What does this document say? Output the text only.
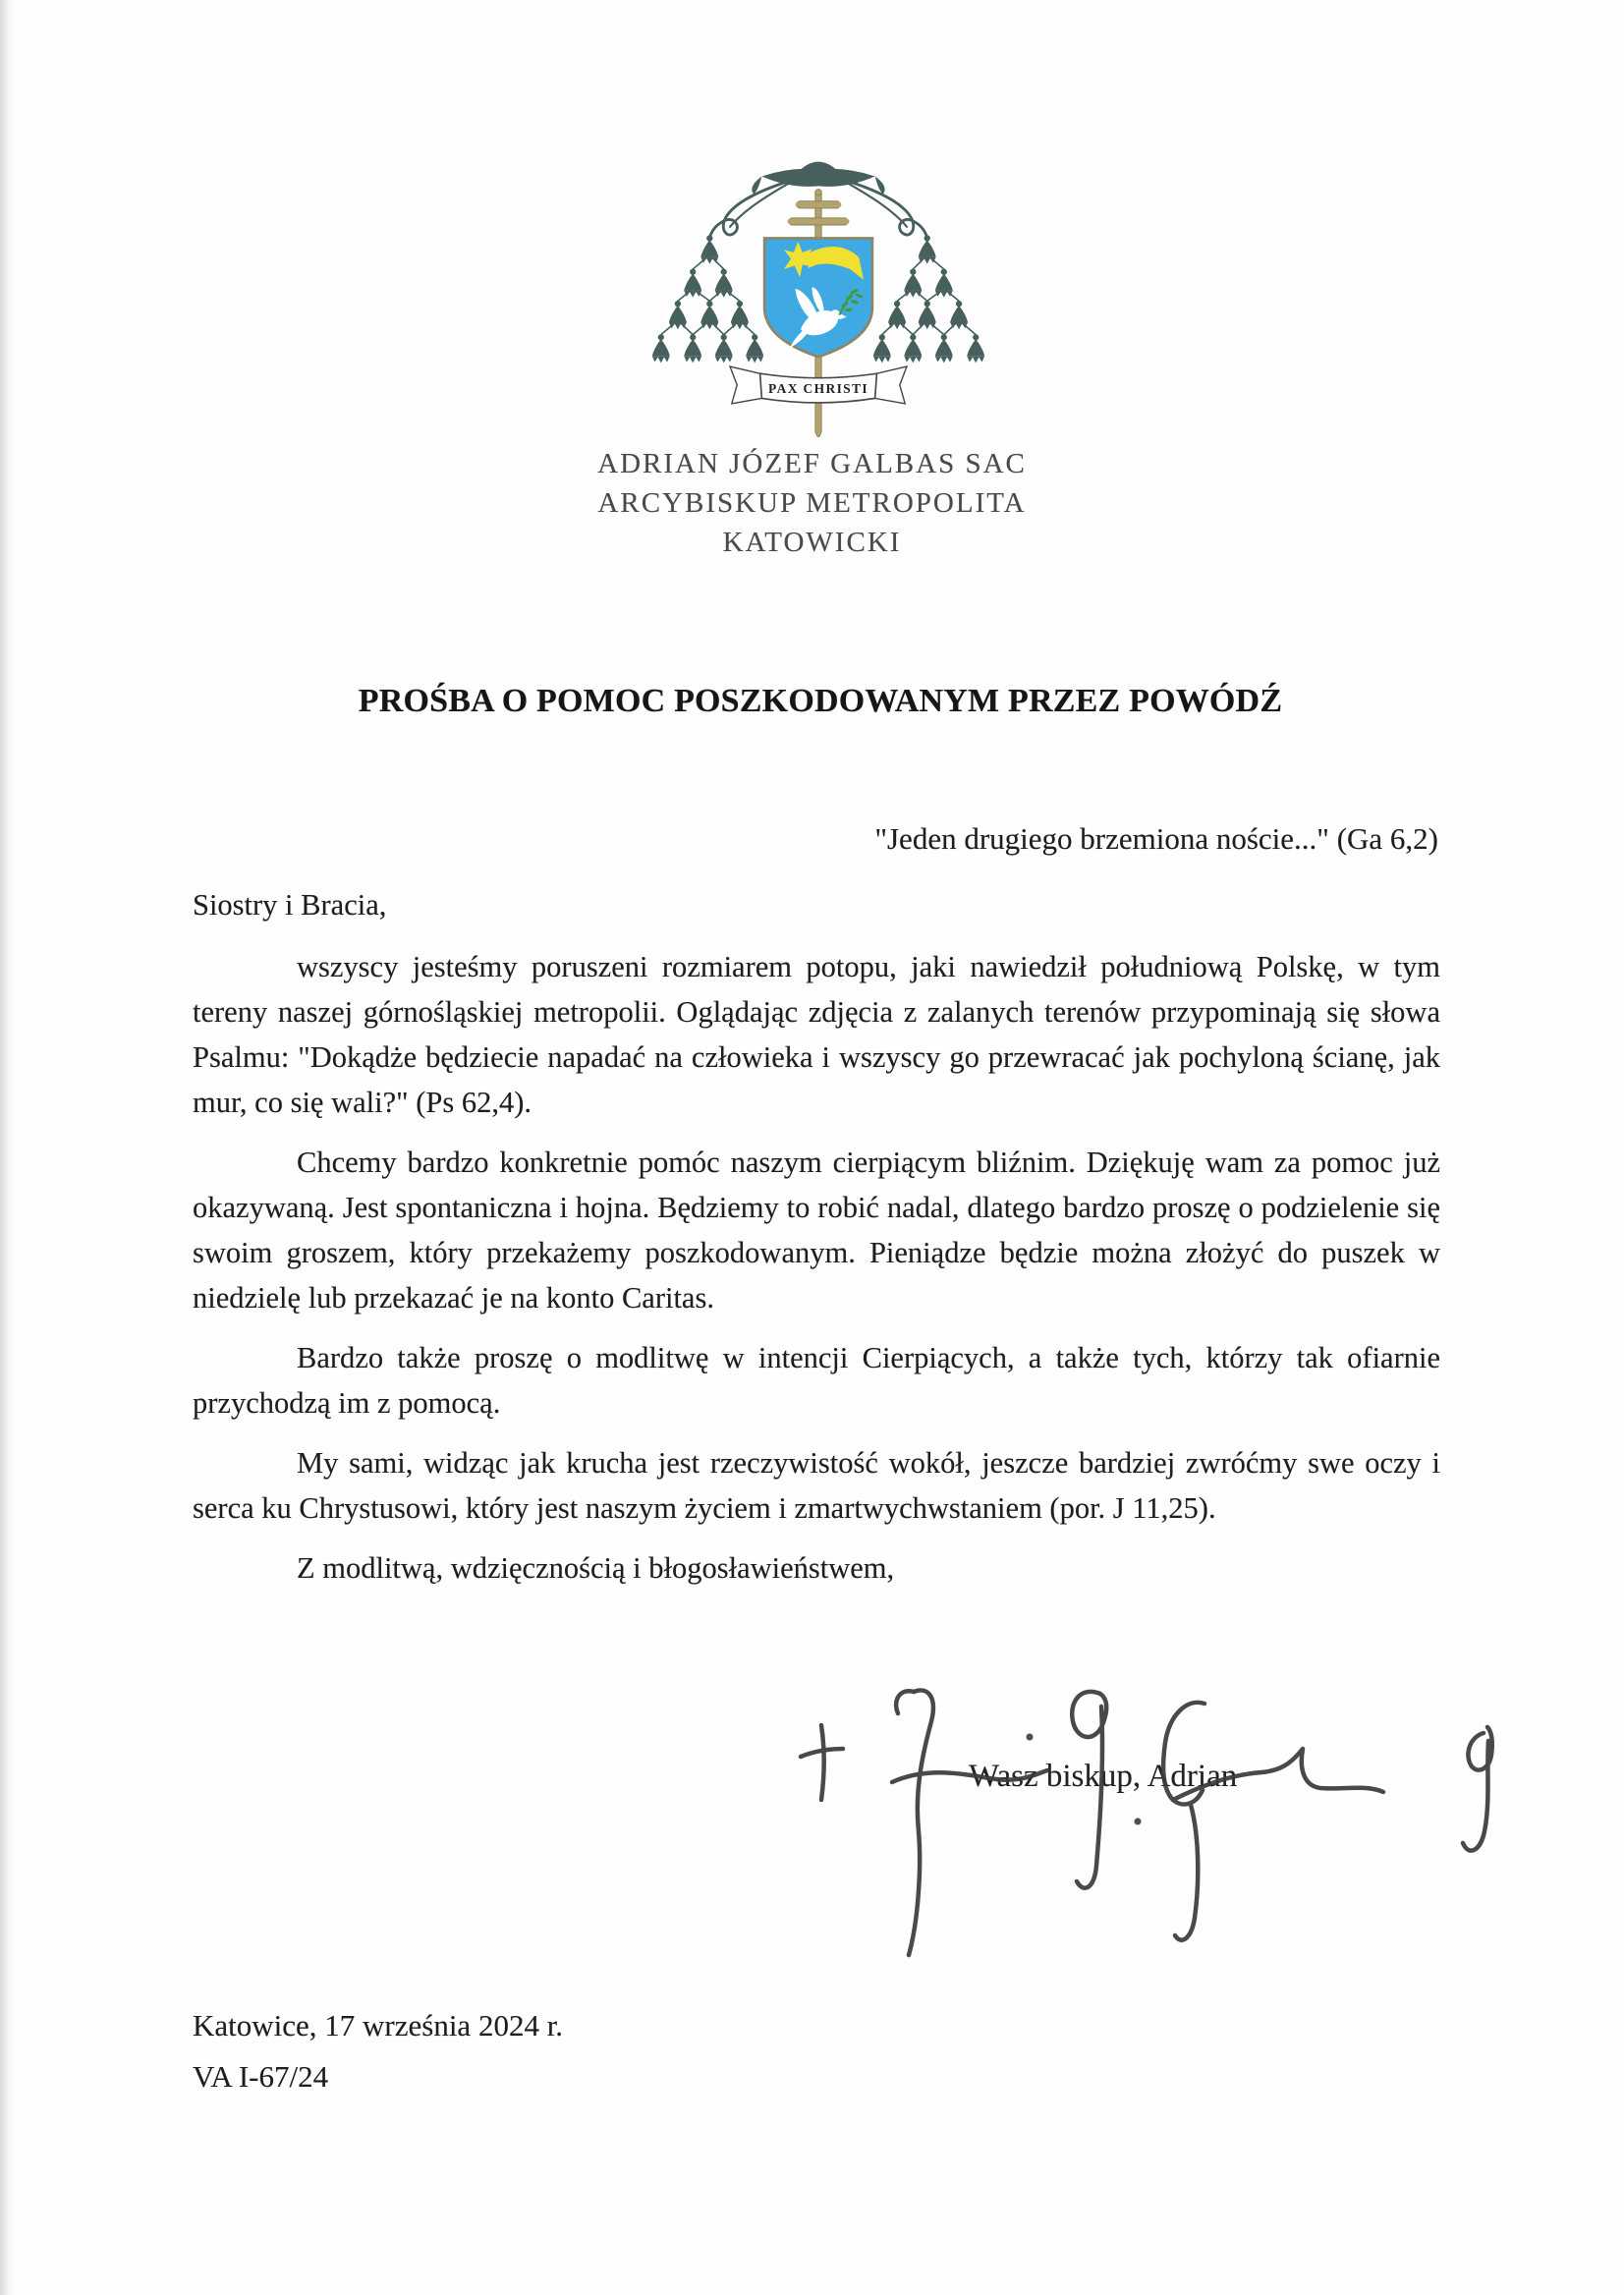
PAX CHRISTI
ADRIAN JÓZEF GALBAS SAC
ARCYBISKUP METROPOLITA
KATOWICKI
PROŚBA O POMOC POSZKODOWANYM PRZEZ POWÓDŹ
"Jeden drugiego brzemiona noście..." (Ga 6,2)
Siostry i Bracia,

wszyscy jesteśmy poruszeni rozmiarem potopu, jaki nawiedził południową Polskę, w tym tereny naszej górnośląskiej metropolii. Oglądając zdjęcia z zalanych terenów przypominają się słowa Psalmu: "Dokądże będziecie napadać na człowieka i wszyscy go przewracać jak pochyloną ścianę, jak mur, co się wali?" (Ps 62,4).

Chcemy bardzo konkretnie pomóc naszym cierpiącym bliźnim. Dziękuję wam za pomoc już okazywaną. Jest spontaniczna i hojna. Będziemy to robić nadal, dlatego bardzo proszę o podzielenie się swoim groszem, który przekażemy poszkodowanym. Pieniądze będzie można złożyć do puszek w niedzielę lub przekazać je na konto Caritas.

Bardzo także proszę o modlitwę w intencji Cierpiących, a także tych, którzy tak ofiarnie przychodzą im z pomocą.

My sami, widząc jak krucha jest rzeczywistość wokół, jeszcze bardziej zwróćmy swe oczy i serca ku Chrystusowi, który jest naszym życiem i zmartwychwstaniem (por. J 11,25).

Z modlitwą, wdzięcznością i błogosławieństwem,
Wasz biskup, Adrian
Katowice, 17 września 2024 r.
VA I-67/24
